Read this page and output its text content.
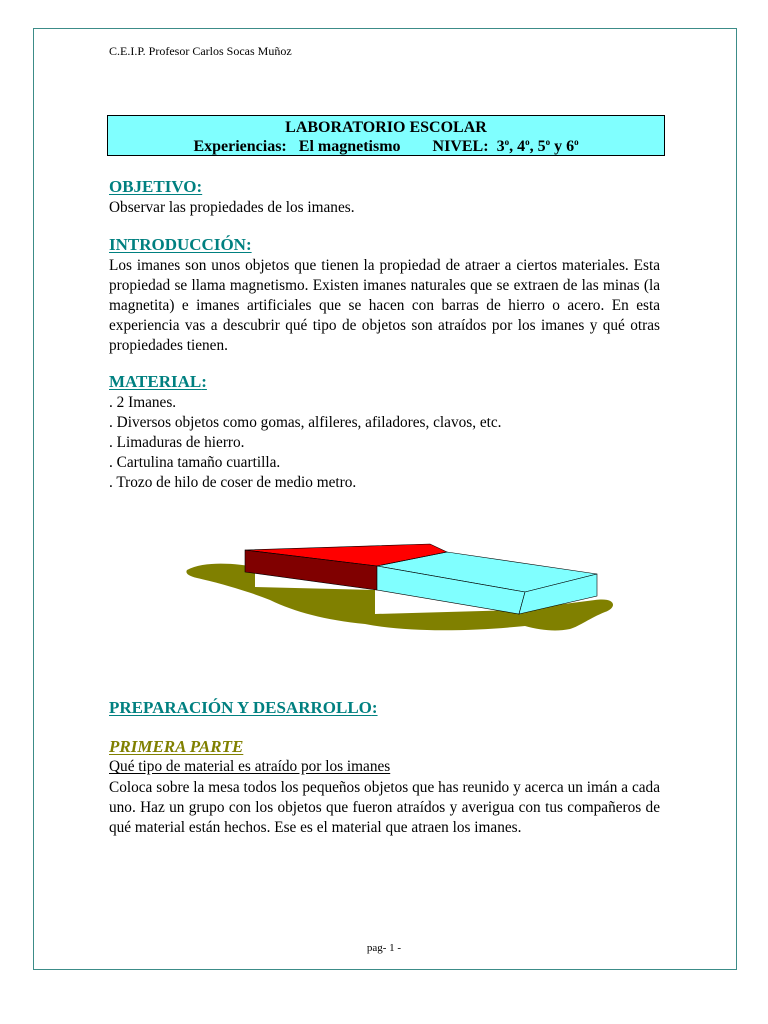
C.E.I.P. Profesor Carlos Socas Muñoz
LABORATORIO ESCOLAR
Experiencias: El magnetismo NIVEL: 3$^o$, 4$^o$, 5$^o$ y 6$^o$
OBJETIVO:
Observar las propiedades de los imanes.
INTRODUCCIÓN:
Los imanes son unos objetos que tienen la propiedad de atraer a ciertos materiales. Esta propiedad se llama magnetismo. Existen imanes naturales que se extraen de las minas (la magnetita) e imanes artificiales que se hacen con barras de hierro o acero. En esta experiencia vas a descubrir qué tipo de objetos son atraídos por los imanes y qué otras propiedades tienen.
MATERIAL:
. 2 Imanes.
. Diversos objetos como gomas, alfileres, afiladores, clavos, etc.
. Limaduras de hierro.
. Cartulina tamaño cuartilla.
. Trozo de hilo de coser de medio metro.
PREPARACIÓN Y DESARROLLO:
PRIMERA PARTE
Qué tipo de material es atraído por los imanes
Coloca sobre la mesa todos los pequeños objetos que has reunido y acerca un imán a cada uno. Haz un grupo con los objetos que fueron atraídos y averigua con tus compañeros de qué material están hechos. Ese es el material que atraen los imanes.
pag- 1 -
